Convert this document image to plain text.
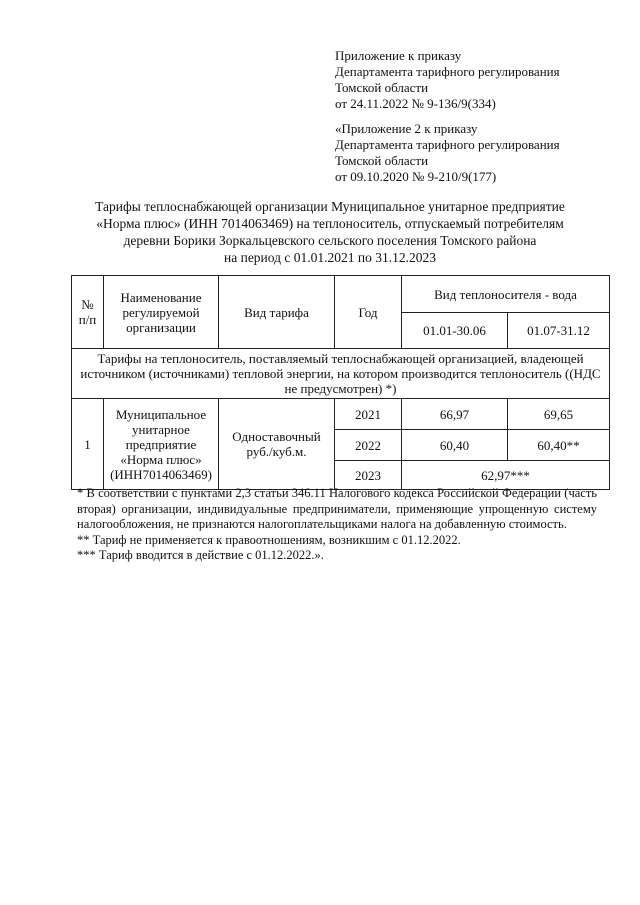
Приложение к приказу
Департамента тарифного регулирования
Томской области
от 24.11.2022 № 9-136/9(334)
«Приложение 2 к приказу
Департамента тарифного регулирования
Томской области
от 09.10.2020 № 9-210/9(177)
Тарифы теплоснабжающей организации Муниципальное унитарное предприятие
«Норма плюс» (ИНН 7014063469) на теплоноситель, отпускаемый потребителям
деревни Борики Зоркальцевского сельского поселения Томского района
на период с 01.01.2021 по 31.12.2023
№ п/п	Наименование регулируемой организации	Вид тарифа	Год	Вид теплоносителя - вода	
				01.01-30.06	01.07-31.12
Тарифы на теплоноситель, поставляемый теплоснабжающей организацией, владеющей источником (источниками) тепловой энергии, на котором производится теплоноситель ((НДС не предусмотрен) *)					
1	Муниципальное унитарное предприятие «Норма плюс» (ИНН7014063469)	Одноставочный руб./куб.м.	2021	66,97	69,65
			2022	60,40	60,40**
			2023	62,97***	
* В соответствии с пунктами 2,3 статьи 346.11 Налогового кодекса Российской Федерации (часть вторая) организации, индивидуальные предприниматели, применяющие упрощенную систему налогообложения, не признаются налогоплательщиками налога на добавленную стоимость.
** Тариф не применяется к правоотношениям, возникшим с 01.12.2022.
*** Тариф вводится в действие с 01.12.2022.».
